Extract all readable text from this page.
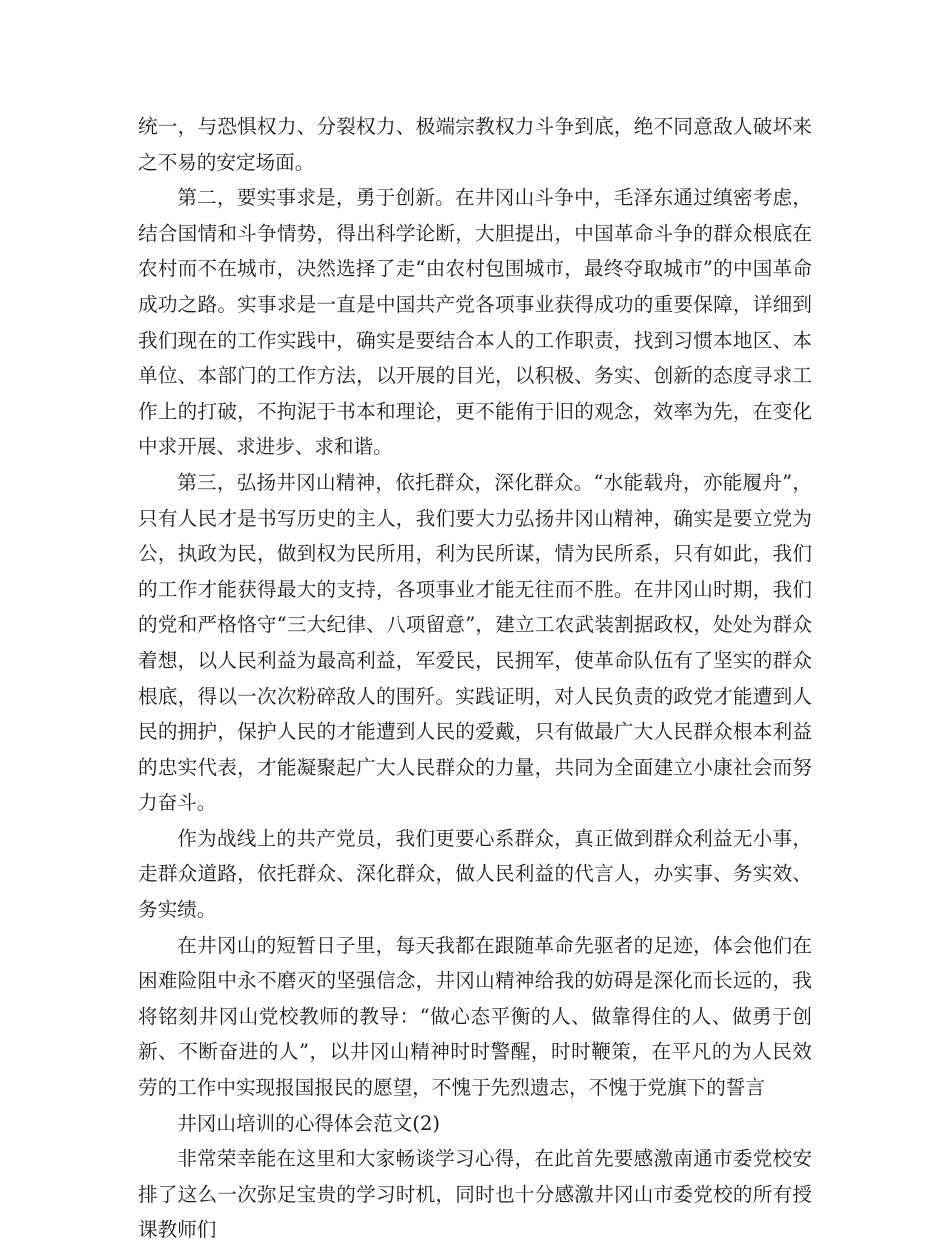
统一，与恐惧权力、分裂权力、极端宗教权力斗争到底，绝不同意敌人破坏来之不易的安定场面。

第二，要实事求是，勇于创新。在井冈山斗争中，毛泽东通过缜密考虑，结合国情和斗争情势，得出科学论断，大胆提出，中国革命斗争的群众根底在农村而不在城市，决然选择了走“由农村包围城市，最终夺取城市”的中国革命成功之路。实事求是一直是中国共产党各项事业获得成功的重要保障，详细到我们现在的工作实践中，确实是要结合本人的工作职责，找到习惯本地区、本单位、本部门的工作方法，以开展的目光，以积极、务实、创新的态度寻求工作上的打破，不拘泥于书本和理论，更不能侑于旧的观念，效率为先，在变化中求开展、求进步、求和谐。

第三，弘扬井冈山精神，依托群众，深化群众。“水能载舟，亦能履舟”，只有人民才是书写历史的主人，我们要大力弘扬井冈山精神，确实是要立党为公，执政为民，做到权为民所用，利为民所谋，情为民所系，只有如此，我们的工作才能获得最大的支持，各项事业才能无往而不胜。在井冈山时期，我们的党和严格恪守“三大纪律、八项留意”，建立工农武装割据政权，处处为群众着想，以人民利益为最高利益，军爱民，民拥军，使革命队伍有了坚实的群众根底，得以一次次粉碎敌人的围歼。实践证明，对人民负责的政党才能遭到人民的拥护，保护人民的才能遭到人民的爱戴，只有做最广大人民群众根本利益的忠实代表，才能凝聚起广大人民群众的力量，共同为全面建立小康社会而努力奋斗。

作为战线上的共产党员，我们更要心系群众，真正做到群众利益无小事，走群众道路，依托群众、深化群众，做人民利益的代言人，办实事、务实效、务实绩。

在井冈山的短暂日子里，每天我都在跟随革命先驱者的足迹，体会他们在困难险阻中永不磨灭的坚强信念，井冈山精神给我的妨碍是深化而长远的，我将铭刻井冈山党校教师的教导：“做心态平衡的人、做靠得住的人、做勇于创新、不断奋进的人”，以井冈山精神时时警醒，时时鞭策，在平凡的为人民效劳的工作中实现报国报民的愿望，不愧于先烈遗志，不愧于党旗下的誓言

井冈山培训的心得体会范文(2)

非常荣幸能在这里和大家畅谈学习心得，在此首先要感激南通市委党校安排了这么一次弥足宝贵的学习时机，同时也十分感激井冈山市委党校的所有授课教师们
